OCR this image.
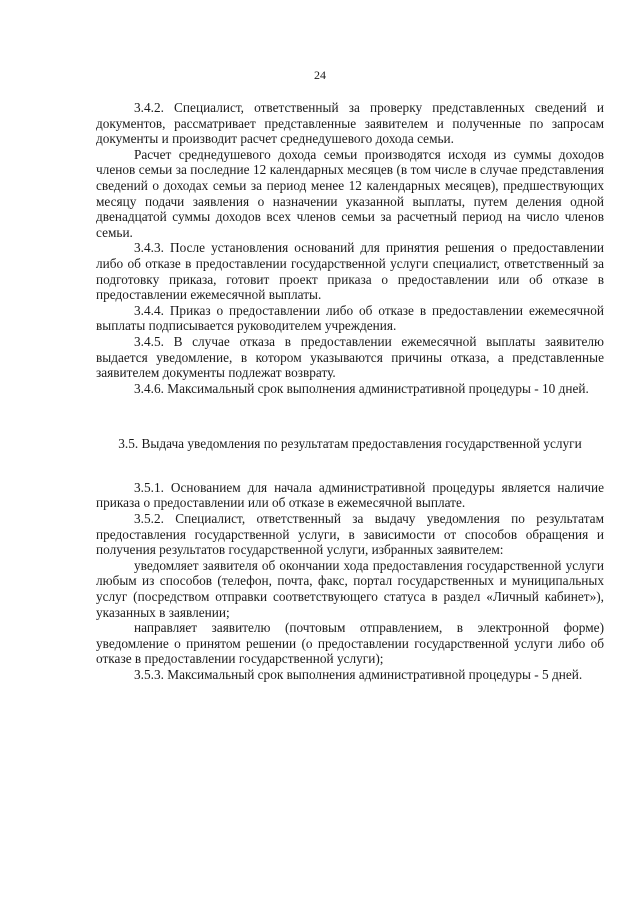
24

3.4.2. Специалист, ответственный за проверку представленных сведений и документов, рассматривает представленные заявителем и полученные по запросам документы и производит расчет среднедушевого дохода семьи.

Расчет среднедушевого дохода семьи производятся исходя из суммы доходов членов семьи за последние 12 календарных месяцев (в том числе в случае представления сведений о доходах семьи за период менее 12 календарных месяцев), предшествующих месяцу подачи заявления о назначении указанной выплаты, путем деления одной двенадцатой суммы доходов всех членов семьи за расчетный период на число членов семьи.

3.4.3. После установления оснований для принятия решения о предоставлении либо об отказе в предоставлении государственной услуги специалист, ответственный за подготовку приказа, готовит проект приказа о предоставлении или об отказе в предоставлении ежемесячной выплаты.

3.4.4. Приказ о предоставлении либо об отказе в предоставлении ежемесячной выплаты подписывается руководителем учреждения.

3.4.5. В случае отказа в предоставлении ежемесячной выплаты заявителю выдается уведомление, в котором указываются причины отказа, а представленные заявителем документы подлежат возврату.

3.4.6. Максимальный срок выполнения административной процедуры - 10 дней.

3.5. Выдача уведомления по результатам предоставления государственной услуги

3.5.1. Основанием для начала административной процедуры является наличие приказа о предоставлении или об отказе в ежемесячной выплате.

3.5.2. Специалист, ответственный за выдачу уведомления по результатам предоставления государственной услуги, в зависимости от способов обращения и получения результатов государственной услуги, избранных заявителем:

уведомляет заявителя об окончании хода предоставления государственной услуги любым из способов (телефон, почта, факс, портал государственных и муниципальных услуг (посредством отправки соответствующего статуса в раздел «Личный кабинет»), указанных в заявлении;

направляет заявителю (почтовым отправлением, в электронной форме) уведомление о принятом решении (о предоставлении государственной услуги либо об отказе в предоставлении государственной услуги);

3.5.3. Максимальный срок выполнения административной процедуры - 5 дней.
